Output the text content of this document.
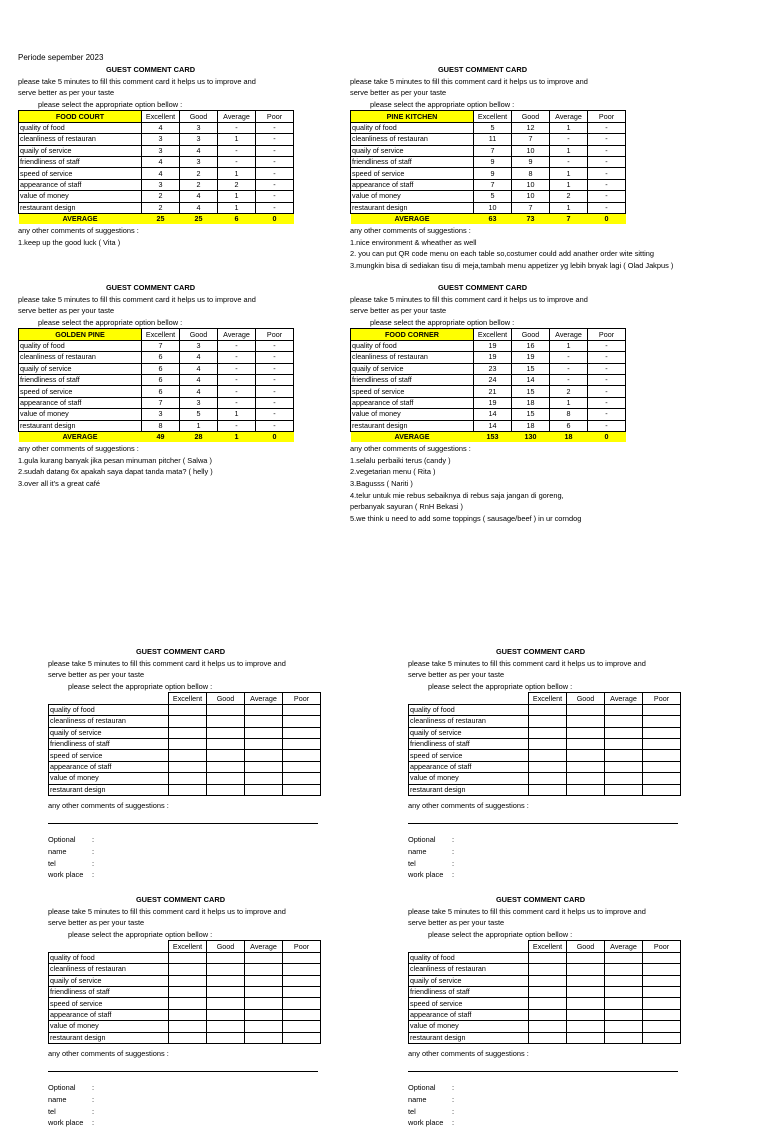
Periode sepember 2023
GUEST COMMENT CARD
please take 5 minutes to fill this comment card it helps us to improve and
serve better as per your taste
please select the appropriate option bellow :
FOOD COURT	Excellent	Good	Average	Poor
quality of food	4	3	-	-
cleanliness of restauran	3	3	1	-
quaily of service	3	4	-	-
friendliness of staff	4	3	-	-
speed of service	4	2	1	-
appearance of staff	3	2	2	-
value of money	2	4	1	-
restaurant design	2	4	1	-
AVERAGE	25	25	6	0
any other comments of suggestions :
1.keep up the good luck ( Vita )
GUEST COMMENT CARD
please take 5 minutes to fill this comment card it helps us to improve and
serve better as per your taste
please select the appropriate option bellow :
PINE KITCHEN	Excellent	Good	Average	Poor
quality of food	5	12	1	-
cleanliness of restauran	11	7	-	-
quaily of service	7	10	1	-
friendliness of staff	9	9	-	-
speed of service	9	8	1	-
appearance of staff	7	10	1	-
value of money	5	10	2	-
restaurant design	10	7	1	-
AVERAGE	63	73	7	0
any other comments of suggestions :
1.nice environment & wheather as well
2. you can put QR code menu on each table so,costumer could add anather order wite sitting
3.mungkin bisa di sediakan tisu di meja,tambah menu appetizer yg lebih bnyak lagi ( Olad Jakpus )
GUEST COMMENT CARD
please take 5 minutes to fill this comment card it helps us to improve and
serve better as per your taste
please select the appropriate option bellow :
GOLDEN PINE	Excellent	Good	Average	Poor
quality of food	7	3	-	-
cleanliness of restauran	6	4	-	-
quaily of service	6	4	-	-
friendliness of staff	6	4	-	-
speed of service	6	4	-	-
appearance of staff	7	3	-	-
value of money	3	5	1	-
restaurant design	8	1	-	-
AVERAGE	49	28	1	0
any other comments of suggestions :
1.gula kurang banyak jika pesan minuman pitcher ( Salwa )
2.sudah datang 6x apakah saya dapat tanda mata? ( helly )
3.over all it's a great café
GUEST COMMENT CARD
please take 5 minutes to fill this comment card it helps us to improve and
serve better as per your taste
please select the appropriate option bellow :
FOOD CORNER	Excellent	Good	Average	Poor
quality of food	19	16	1	-
cleanliness of restauran	19	19	-	-
quaily of service	23	15	-	-
friendliness of staff	24	14	-	-
speed of service	21	15	2	-
appearance of staff	19	18	1	-
value of money	14	15	8	-
restaurant design	14	18	6	-
AVERAGE	153	130	18	0
any other comments of suggestions :
1.selalu perbaiki terus (candy )
2.vegetarian menu ( Rita )
3.Bagusss ( Nariti )
4.telur untuk mie rebus sebaiknya di rebus saja jangan di goreng,
perbanyak sayuran ( RnH Bekasi )
5.we think u need to add some toppings ( sausage/beef ) in ur corndog
GUEST COMMENT CARD
please take 5 minutes to fill this comment card it helps us to improve and
serve better as per your taste
please select the appropriate option bellow :
	Excellent	Good	Average	Poor
quality of food				
cleanliness of restauran				
quaily of service				
friendliness of staff				
speed of service				
appearance of staff				
value of money				
restaurant design				
any other comments of suggestions :
Optional	:
name	:
tel	:
work place	:
GUEST COMMENT CARD
please take 5 minutes to fill this comment card it helps us to improve and
serve better as per your taste
please select the appropriate option bellow :
	Excellent	Good	Average	Poor
quality of food				
cleanliness of restauran				
quaily of service				
friendliness of staff				
speed of service				
appearance of staff				
value of money				
restaurant design				
any other comments of suggestions :
Optional	:
name	:
tel	:
work place	:
GUEST COMMENT CARD
please take 5 minutes to fill this comment card it helps us to improve and
serve better as per your taste
please select the appropriate option bellow :
	Excellent	Good	Average	Poor
quality of food				
cleanliness of restauran				
quaily of service				
friendliness of staff				
speed of service				
appearance of staff				
value of money				
restaurant design				
any other comments of suggestions :
Optional	:
name	:
tel	:
work place	:
GUEST COMMENT CARD
please take 5 minutes to fill this comment card it helps us to improve and
serve better as per your taste
please select the appropriate option bellow :
	Excellent	Good	Average	Poor
quality of food				
cleanliness of restauran				
quaily of service				
friendliness of staff				
speed of service				
appearance of staff				
value of money				
restaurant design				
any other comments of suggestions :
Optional	:
name	:
tel	:
work place	:
